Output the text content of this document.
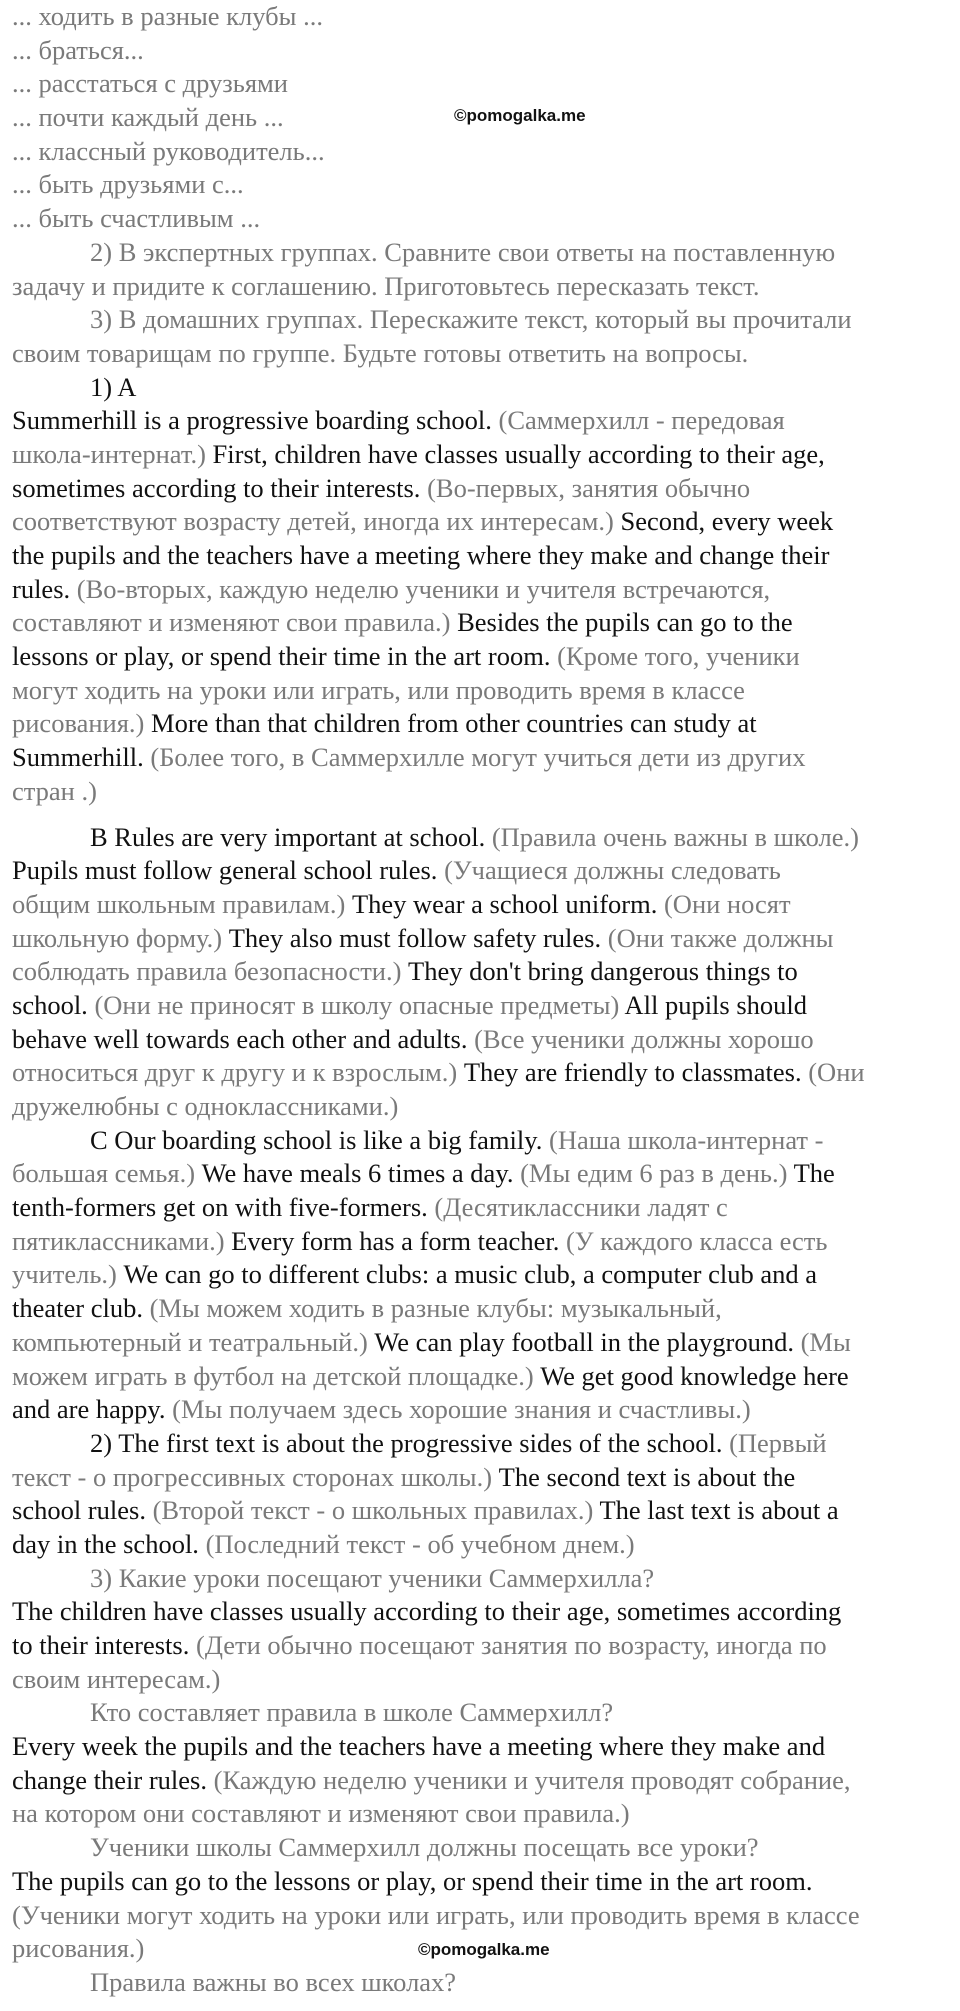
... ходить в разные клубы ...
... браться...
... расстаться с друзьями
... почти каждый день ...
... классный руководитель...
... быть друзьями с...
... быть счастливым ...
2) В экспертных группах. Сравните свои ответы на поставленную
задачу и придите к соглашению. Приготовьтесь пересказать текст.
3) В домашних группах. Перескажите текст, который вы прочитали
своим товарищам по группе. Будьте готовы ответить на вопросы.
1) A
Summerhill is a progressive boarding school. (Саммерхилл - передовая
школа-интернат.) First, children have classes usually according to their age,
sometimes according to their interests. (Во-первых, занятия обычно
соответствуют возрасту детей, иногда их интересам.) Second, every week
the pupils and the teachers have a meeting where they make and change their
rules. (Во-вторых, каждую неделю ученики и учителя встречаются,
составляют и изменяют свои правила.) Besides the pupils can go to the
lessons or play, or spend their time in the art room. (Кроме того, ученики
могут ходить на уроки или играть, или проводить время в классе
рисования.) More than that children from other countries can study at
Summerhill. (Более того, в Саммерхилле могут учиться дети из других
стран .)
B Rules are very important at school. (Правила очень важны в школе.)
Pupils must follow general school rules. (Учащиеся должны следовать
общим школьным правилам.) They wear a school uniform. (Они носят
школьную форму.) They also must follow safety rules. (Они также должны
соблюдать правила безопасности.) They don't bring dangerous things to
school. (Они не приносят в школу опасные предметы) All pupils should
behave well towards each other and adults. (Все ученики должны хорошо
относиться друг к другу и к взрослым.) They are friendly to classmates. (Они
дружелюбны с одноклассниками.)
C Our boarding school is like a big family. (Наша школа-интернат -
большая семья.) We have meals 6 times a day. (Мы едим 6 раз в день.) The
tenth-formers get on with five-formers. (Десятиклассники ладят с
пятиклассниками.) Every form has a form teacher. (У каждого класса есть
учитель.) We can go to different clubs: a music club, a computer club and a
theater club. (Мы можем ходить в разные клубы: музыкальный,
компьютерный и театральный.) We can play football in the playground. (Мы
можем играть в футбол на детской площадке.) We get good knowledge here
and are happy. (Мы получаем здесь хорошие знания и счастливы.)
2) The first text is about the progressive sides of the school. (Первый
текст - о прогрессивных сторонах школы.) The second text is about the
school rules. (Второй текст - о школьных правилах.) The last text is about a
day in the school. (Последний текст - об учебном днем.)
3) Какие уроки посещают ученики Саммерхилла?
The children have classes usually according to their age, sometimes according
to their interests. (Дети обычно посещают занятия по возрасту, иногда по
своим интересам.)
Кто составляет правила в школе Саммерхилл?
Every week the pupils and the teachers have a meeting where they make and
change their rules. (Каждую неделю ученики и учителя проводят собрание,
на котором они составляют и изменяют свои правила.)
Ученики школы Саммерхилл должны посещать все уроки?
The pupils can go to the lessons or play, or spend their time in the art room.
(Ученики могут ходить на уроки или играть, или проводить время в классе
рисования.)
Правила важны во всех школах?
©pomogalka.me
©pomogalka.me
